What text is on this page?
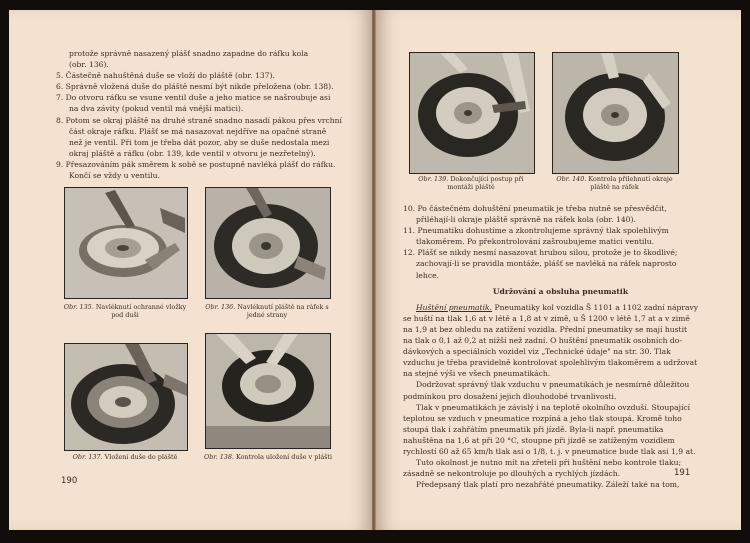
protože správně nasazený plášť snadno zapadne do ráfku kola
(obr. 136).
5. Částečně nahuštěná duše se vloží do pláště (obr. 137).
6. Správně vložená duše do pláště nesmí být nikde přeložena (obr. 138).
7. Do otvoru ráfku se vsune ventil duše a jeho matice se našroubuje asi
na dva závity (pokud ventil má vnější matici).
8. Potom se okraj pláště na druhé straně snadno nasadí pákou přes vrchní
část okraje ráfku. Plášť se má nasazovat nejdříve na opačné straně
než je ventil. Při tom je třeba dát pozor, aby se duše nedostala mezi
okraj pláště a ráfku (obr. 139, kde ventil v otvoru je nezřetelný).
9. Přesazováním pák směrem k sobě se postupně navléká plášť do ráfku.
Končí se vždy u ventilu.
Obr. 135. Navléknutí ochranné vložky pod duši
Obr. 136. Navléknutí pláště na ráfek s jedné strany
Obr. 137. Vložení duše do pláště	Obr. 138. Kontrola uložení duše v plášti
190
Obr. 139. Dokončující postup při montáži pláště
Obr. 140. Kontrola přilehnutí okraje pláště na ráfek
10. Po částečném dohuštění pneumatik je třeba nutně se přesvědčit,
přiléhají-li okraje pláště správně na ráfek kola (obr. 140).
11. Pneumatiku dohustíme a zkontrolujeme správný tlak spolehlivým
tlakoměrem. Po překontrolování zašroubujeme matici ventilu.
12. Plášť se nikdy nesmí nasazovat hrubou silou, protože je to škodlivé;
zachovají-li se pravidla montáže, plášť se navléká na ráfek naprosto
lehce.
Udržování a obsluha pneumatik
Huštění pneumatik. Pneumatiky kol vozidla Š 1101 a 1102 zadní nápravy
se huští na tlak 1,6 at v létě a 1,8 at v zimě, u Š 1200 v létě 1,7 at a v zimě
na 1,9 at bez ohledu na zatížení vozidla. Přední pneumatiky se mají hustit
na tlak o 0,1 až 0,2 at nižší než zadní. O huštění pneumatik osobních do-
dávkových a speciálních vozidel viz „Technické údaje" na str. 30. Tlak
vzduchu je třeba pravidelně kontrolovat spolehlivým tlakoměrem a udržovat
na stejné výši ve všech pneumatikách.
Dodržovat správný tlak vzduchu v pneumatikách je nesmírně důležitou
podmínkou pro dosažení jejich dlouhodobé trvanlivosti.
Tlak v pneumatikách je závislý i na teplotě okolního ovzduší. Stoupající
teplotou se vzduch v pneumatice rozpíná a jeho tlak stoupá. Kromě toho
stoupá tlak i zahřátím pneumatik při jízdě. Byla-li např. pneumatika
nahuštěna na 1,6 at při 20 °C, stoupne při jízdě se zatíženým vozidlem
rychlostí 60 až 65 km/h tlak asi o 1/8, t. j. v pneumatice bude tlak asi 1,9 at.
Tuto okolnost je nutno mít na zřeteli při huštění nebo kontrole tlaku;
zásadně se nekontroluje po dlouhých a rychlých jízdách.
Předepsaný tlak platí pro nezahřáté pneumatiky. Záleží také na tom,
191
